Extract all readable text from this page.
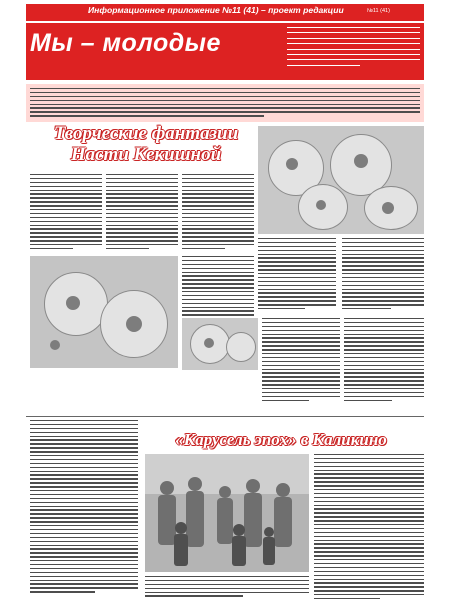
Информационное приложение №11 (41) – проект редакции	№11 (41)	9
Мы – молодые
Творческие фантазии Насти Кекишной
«Карусель эпох» в Каликино
